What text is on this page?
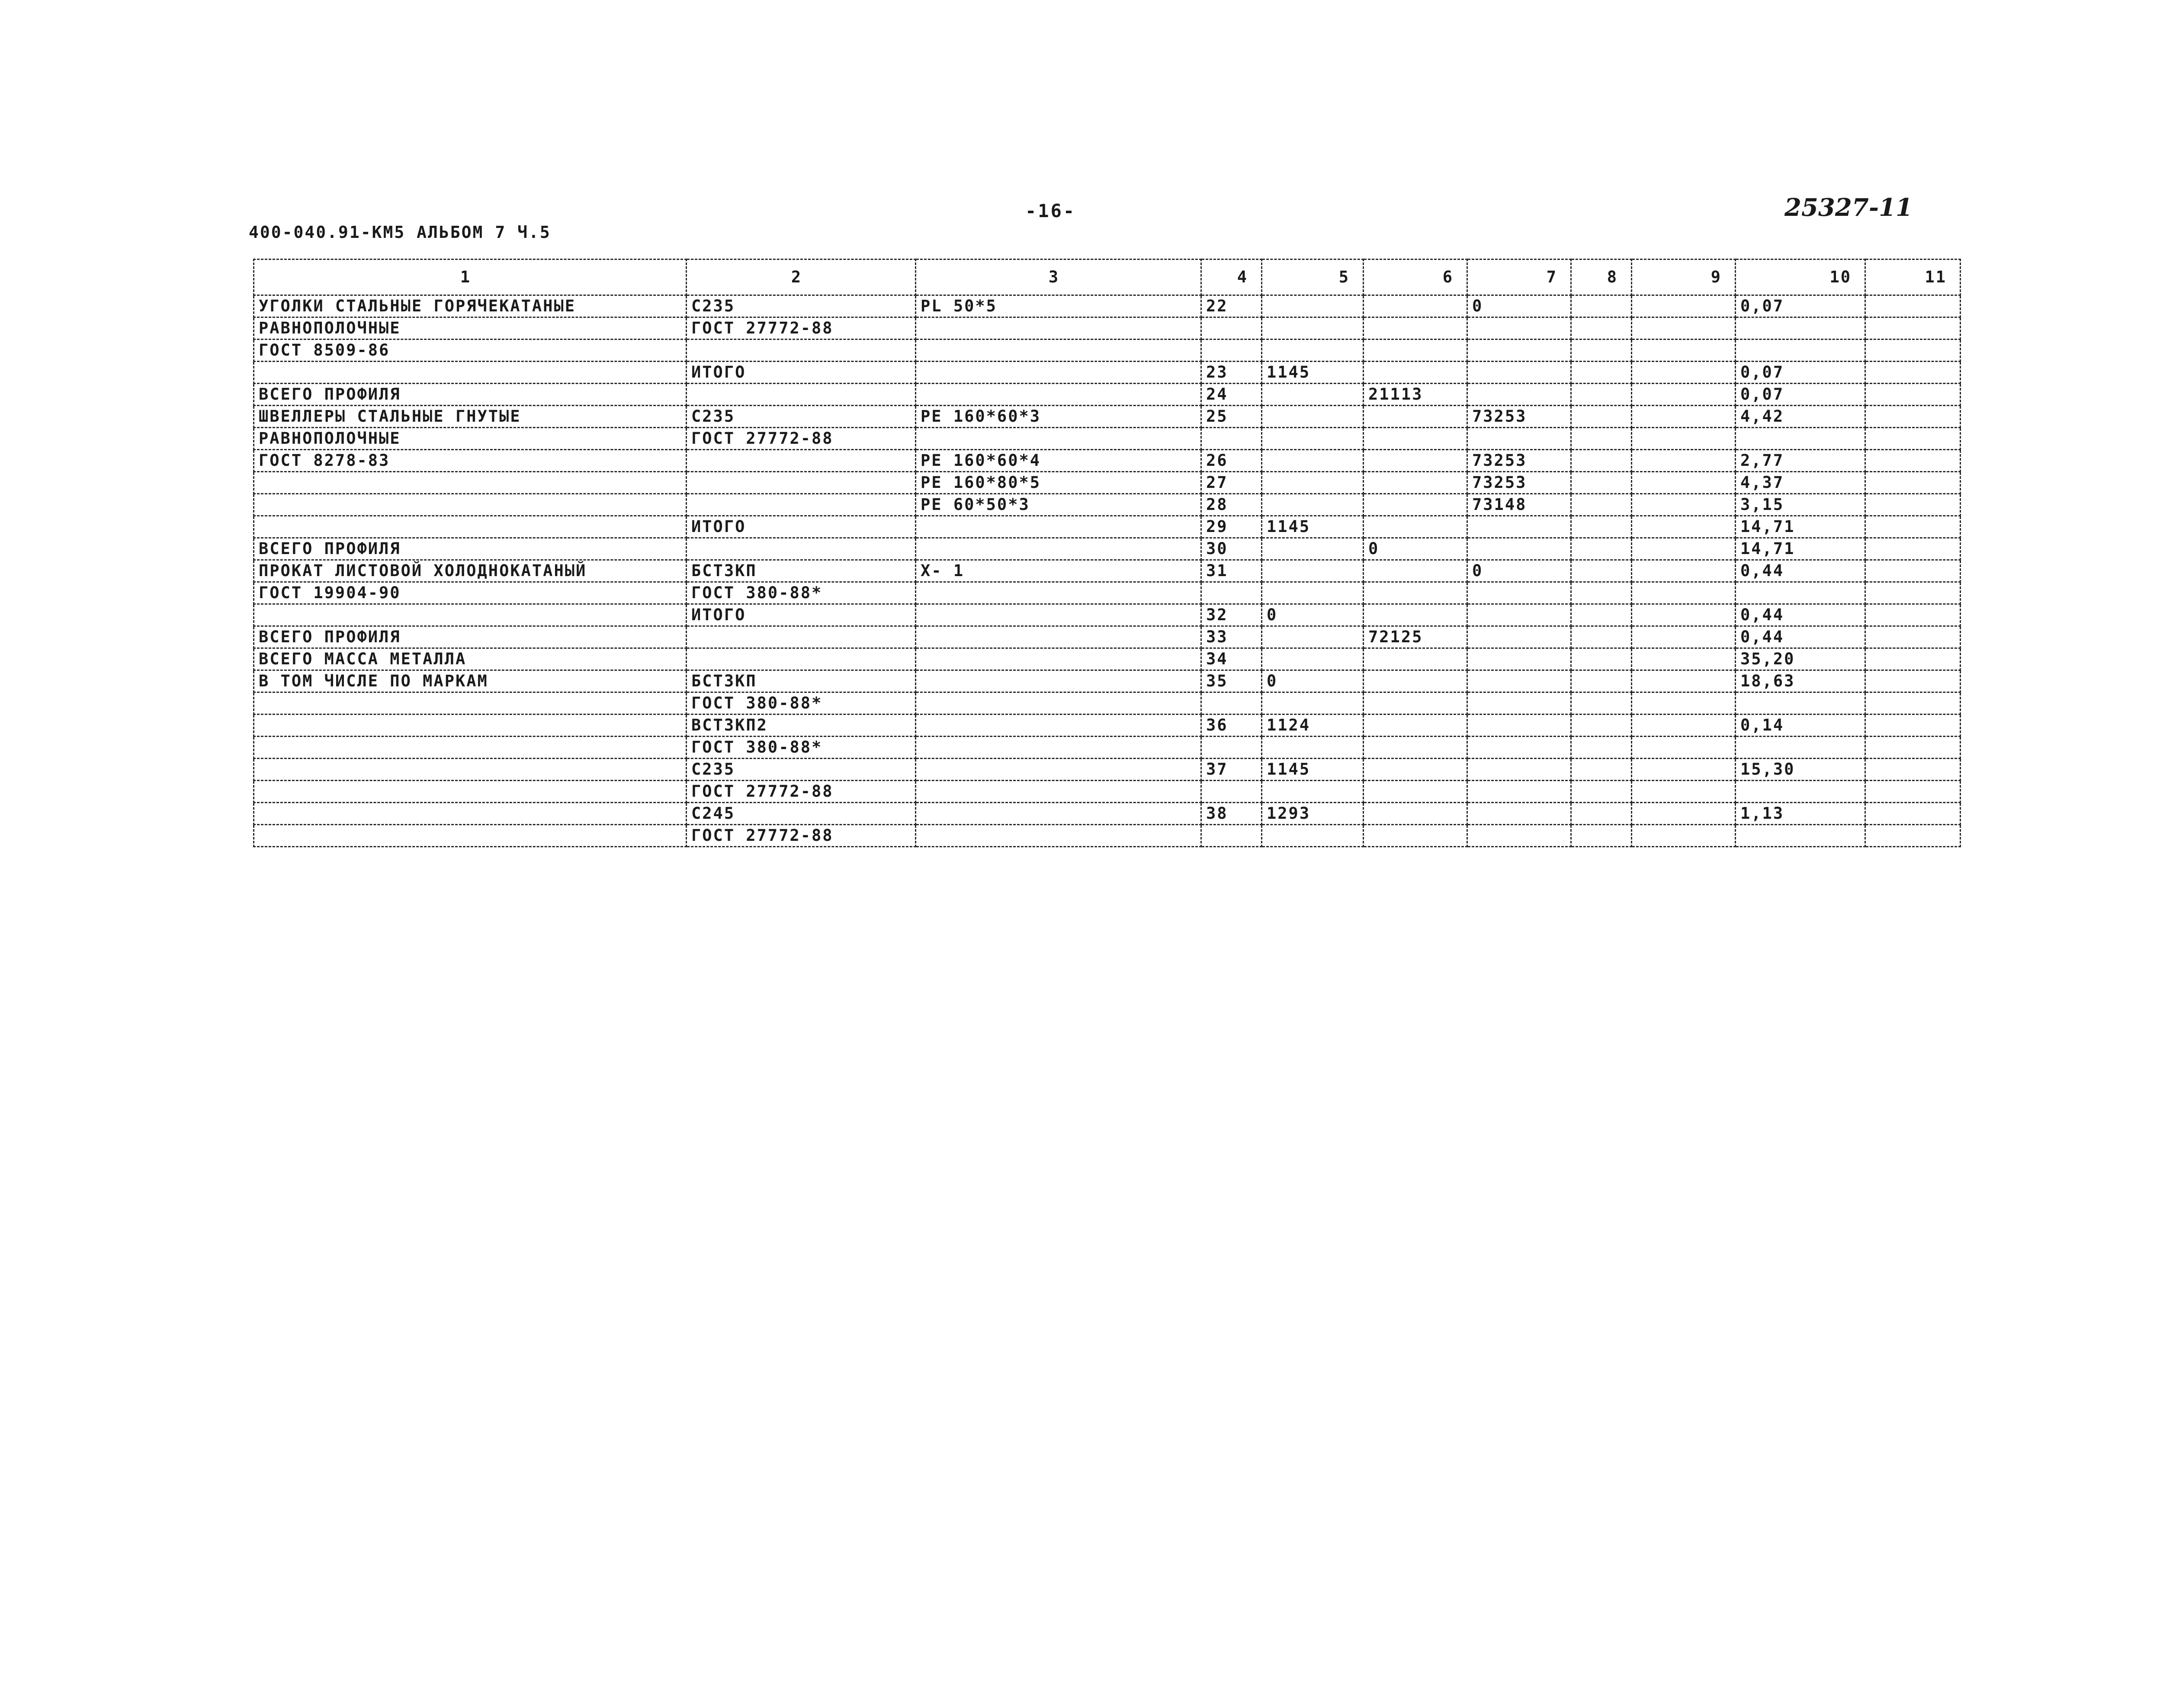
400-040.91-КМ5 АЛЬБОМ 7 Ч.5
-16-	25327-11
1	2	3	4	5	6	7	8	9	10	11
УГОЛКИ СТАЛЬНЫЕ ГОРЯЧЕКАТАНЫЕ	С235	PL 50*5	22			0			0,07	
РАВНОПОЛОЧНЫЕ	ГОСТ 27772-88									
ГОСТ 8509-86										
	ИТОГО		23	1145					0,07	
ВСЕГО ПРОФИЛЯ			24		21113				0,07	
ШВЕЛЛЕРЫ СТАЛЬНЫЕ ГНУТЫЕ	С235	PE 160*60*3	25			73253			4,42	
РАВНОПОЛОЧНЫЕ	ГОСТ 27772-88									
ГОСТ 8278-83		PE 160*60*4	26			73253			2,77	
		PE 160*80*5	27			73253			4,37	
		PE 60*50*3	28			73148			3,15	
	ИТОГО		29	1145					14,71	
ВСЕГО ПРОФИЛЯ			30		0				14,71	
ПРОКАТ ЛИСТОВОЙ ХОЛОДНОКАТАНЫЙ	БСТ3КП	X- 1	31			0			0,44	
ГОСТ 19904-90	ГОСТ 380-88*									
	ИТОГО		32	0					0,44	
ВСЕГО ПРОФИЛЯ			33		72125				0,44	
ВСЕГО МАССА МЕТАЛЛА			34						35,20	
В ТОМ ЧИСЛЕ ПО МАРКАМ	БСТ3КП		35	0					18,63	
	ГОСТ 380-88*									
	ВСТ3КП2		36	1124					0,14	
	ГОСТ 380-88*									
	С235		37	1145					15,30	
	ГОСТ 27772-88									
	С245		38	1293					1,13	
	ГОСТ 27772-88									
